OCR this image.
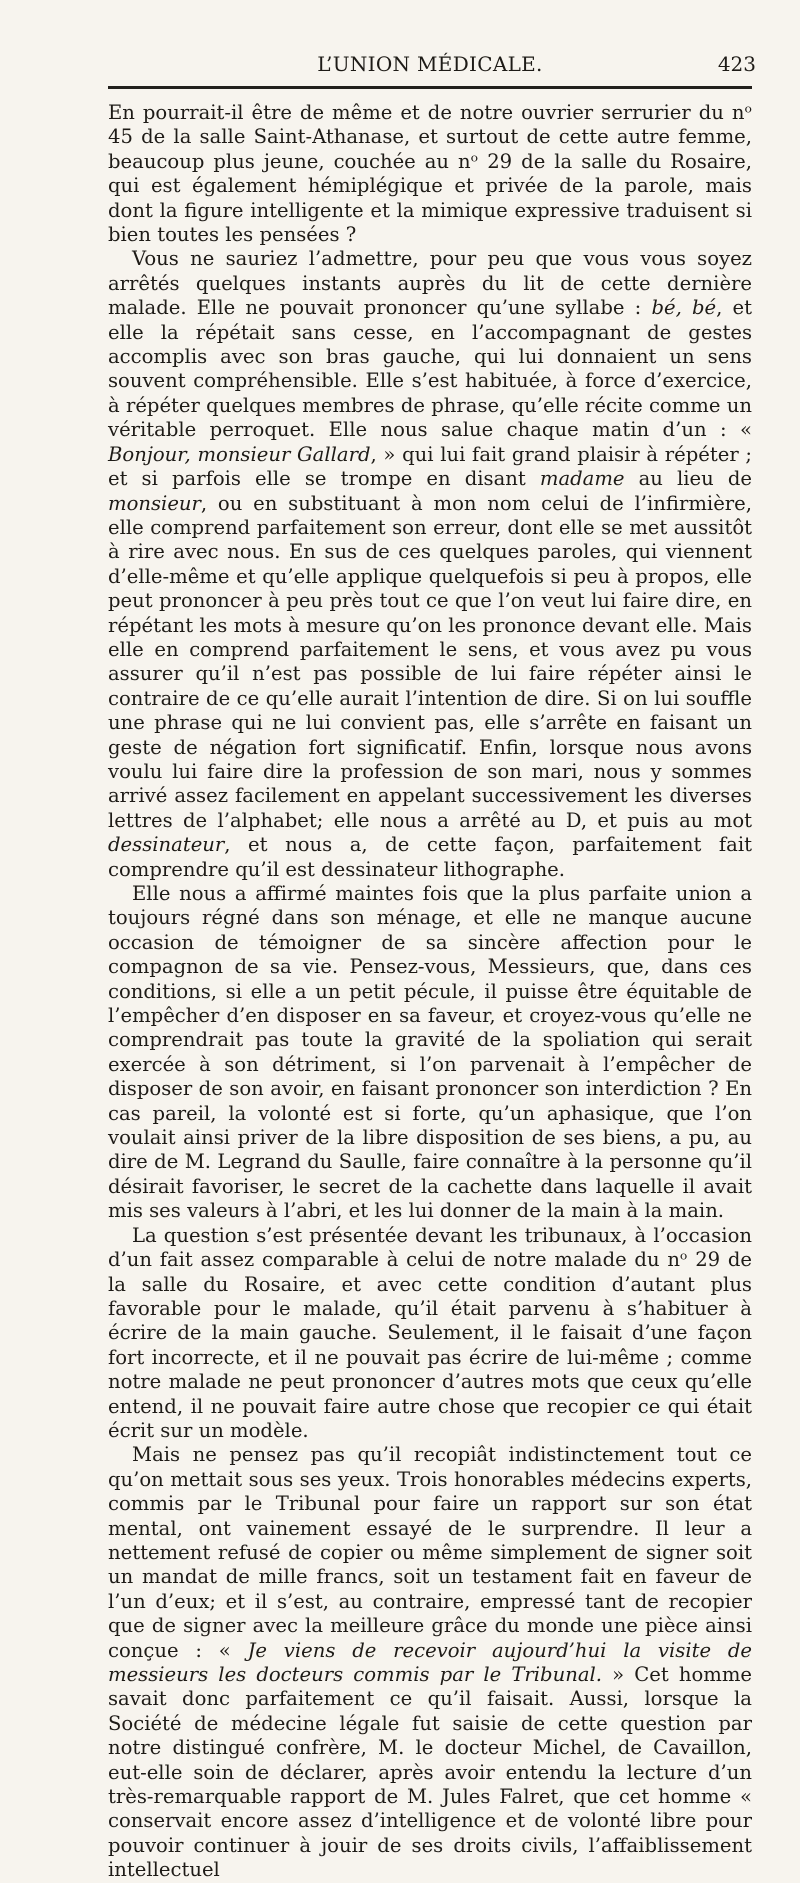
L’UNION MÉDICALE.	423

En pourrait-il être de même et de notre ouvrier serrurier du nᵒ 45 de la salle Saint-Athanase, et surtout de cette autre femme, beaucoup plus jeune, couchée au nᵒ 29 de la salle du Rosaire, qui est également hémiplégique et privée de la parole, mais dont la figure intelligente et la mimique expressive traduisent si bien toutes les pensées ?

Vous ne sauriez l’admettre, pour peu que vous vous soyez arrêtés quelques instants auprès du lit de cette dernière malade. Elle ne pouvait prononcer qu’une syllabe : bé, bé, et elle la répétait sans cesse, en l’accompagnant de gestes accomplis avec son bras gauche, qui lui donnaient un sens souvent compréhensible. Elle s’est habituée, à force d’exercice, à répéter quelques membres de phrase, qu’elle récite comme un véritable perroquet. Elle nous salue chaque matin d’un : « Bonjour, monsieur Gallard, » qui lui fait grand plaisir à répéter ; et si parfois elle se trompe en disant madame au lieu de monsieur, ou en substituant à mon nom celui de l’infirmière, elle comprend parfaitement son erreur, dont elle se met aussitôt à rire avec nous. En sus de ces quelques paroles, qui viennent d’elle-même et qu’elle applique quelquefois si peu à propos, elle peut prononcer à peu près tout ce que l’on veut lui faire dire, en répétant les mots à mesure qu’on les prononce devant elle. Mais elle en comprend parfaitement le sens, et vous avez pu vous assurer qu’il n’est pas possible de lui faire répéter ainsi le contraire de ce qu’elle aurait l’intention de dire. Si on lui souffle une phrase qui ne lui convient pas, elle s’arrête en faisant un geste de négation fort significatif. Enfin, lorsque nous avons voulu lui faire dire la profession de son mari, nous y sommes arrivé assez facilement en appelant successivement les diverses lettres de l’alphabet; elle nous a arrêté au D, et puis au mot dessinateur, et nous a, de cette façon, parfaitement fait comprendre qu’il est dessinateur lithographe.

Elle nous a affirmé maintes fois que la plus parfaite union a toujours régné dans son ménage, et elle ne manque aucune occasion de témoigner de sa sincère affection pour le compagnon de sa vie. Pensez-vous, Messieurs, que, dans ces conditions, si elle a un petit pécule, il puisse être équitable de l’empêcher d’en disposer en sa faveur, et croyez-vous qu’elle ne comprendrait pas toute la gravité de la spoliation qui serait exercée à son détriment, si l’on parvenait à l’empêcher de disposer de son avoir, en faisant prononcer son interdiction ? En cas pareil, la volonté est si forte, qu’un aphasique, que l’on voulait ainsi priver de la libre disposition de ses biens, a pu, au dire de M. Legrand du Saulle, faire connaître à la personne qu’il désirait favoriser, le secret de la cachette dans laquelle il avait mis ses valeurs à l’abri, et les lui donner de la main à la main.

La question s’est présentée devant les tribunaux, à l’occasion d’un fait assez comparable à celui de notre malade du nᵒ 29 de la salle du Rosaire, et avec cette condition d’autant plus favorable pour le malade, qu’il était parvenu à s’habituer à écrire de la main gauche. Seulement, il le faisait d’une façon fort incorrecte, et il ne pouvait pas écrire de lui-même ; comme notre malade ne peut prononcer d’autres mots que ceux qu’elle entend, il ne pouvait faire autre chose que recopier ce qui était écrit sur un modèle.

Mais ne pensez pas qu’il recopiât indistinctement tout ce qu’on mettait sous ses yeux. Trois honorables médecins experts, commis par le Tribunal pour faire un rapport sur son état mental, ont vainement essayé de le surprendre. Il leur a nettement refusé de copier ou même simplement de signer soit un mandat de mille francs, soit un testament fait en faveur de l’un d’eux; et il s’est, au contraire, empressé tant de recopier que de signer avec la meilleure grâce du monde une pièce ainsi conçue : « Je viens de recevoir aujourd’hui la visite de messieurs les docteurs commis par le Tribunal. » Cet homme savait donc parfaitement ce qu’il faisait. Aussi, lorsque la Société de médecine légale fut saisie de cette question par notre distingué confrère, M. le docteur Michel, de Cavaillon, eut-elle soin de déclarer, après avoir entendu la lecture d’un très-remarquable rapport de M. Jules Falret, que cet homme « conservait encore assez d’intelligence et de volonté libre pour pouvoir continuer à jouir de ses droits civils, l’affaiblissement intellectuel
